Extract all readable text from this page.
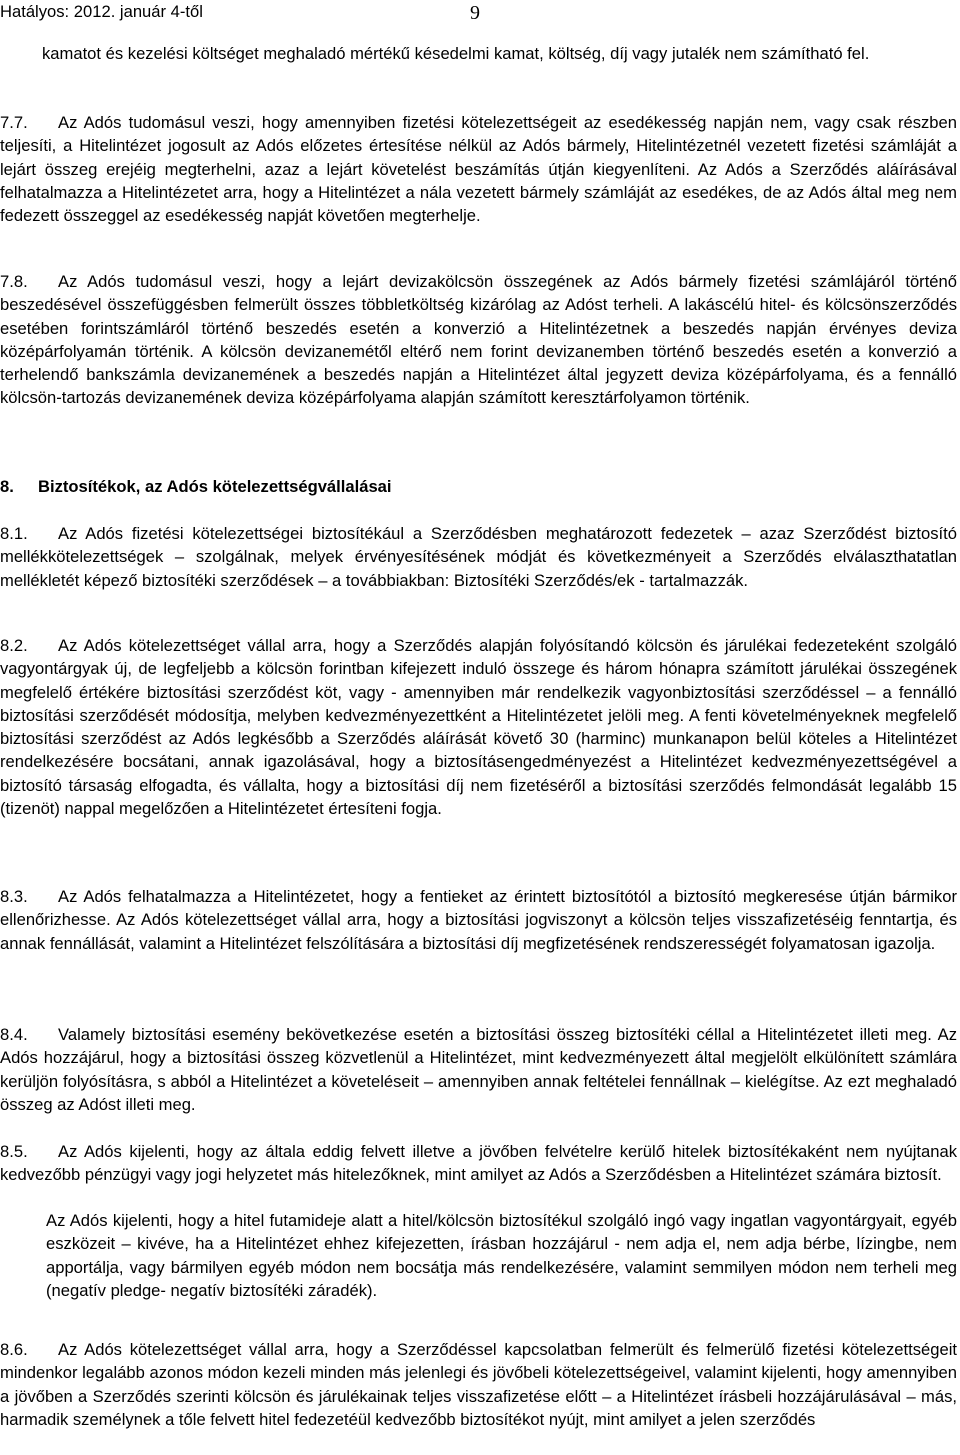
Hatályos: 2012. január 4-től	9
kamatot és kezelési költséget meghaladó mértékű késedelmi kamat, költség, díj vagy jutalék nem számítható fel.
7.7.	Az Adós tudomásul veszi, hogy amennyiben fizetési kötelezettségeit az esedékesség napján nem, vagy csak részben teljesíti, a Hitelintézet jogosult az Adós előzetes értesítése nélkül az Adós bármely, Hitelintézetnél vezetett fizetési számláját a lejárt összeg erejéig megterhelni, azaz a lejárt követelést beszámítás útján kiegyenlíteni. Az Adós a Szerződés aláírásával felhatalmazza a Hitelintézetet arra, hogy a Hitelintézet a nála vezetett bármely számláját az esedékes, de az Adós által meg nem fedezett összeggel az esedékesség napját követően megterhelje.
7.8.	Az Adós tudomásul veszi, hogy a lejárt devizakölcsön összegének az Adós bármely fizetési számlájáról történő beszedésével összefüggésben felmerült összes többletköltség kizárólag az Adóst terheli. A lakáscélú hitel- és kölcsönszerződés esetében forintszámláról történő beszedés esetén a konverzió a Hitelintézetnek a beszedés napján érvényes deviza középárfolyamán történik. A kölcsön devizanemétől eltérő nem forint devizanemben történő beszedés esetén a konverzió a terhelendő bankszámla devizanemének a beszedés napján a Hitelintézet által jegyzett deviza középárfolyama, és a fennálló kölcsön-tartozás devizanemének deviza középárfolyama alapján számított keresztárfolyamon történik.
8.	Biztosítékok, az Adós kötelezettségvállalásai
8.1.	Az Adós fizetési kötelezettségei biztosítékául a Szerződésben meghatározott fedezetek – azaz Szerződést biztosító mellékkötelezettségek – szolgálnak, melyek érvényesítésének módját és következményeit a Szerződés elválaszthatatlan mellékletét képező biztosítéki szerződések – a továbbiakban: Biztosítéki Szerződés/ek - tartalmazzák.
8.2.	Az Adós kötelezettséget vállal arra, hogy a Szerződés alapján folyósítandó kölcsön és járulékai fedezeteként szolgáló vagyontárgyak új, de legfeljebb a kölcsön forintban kifejezett induló összege és három hónapra számított járulékai összegének megfelelő értékére biztosítási szerződést köt, vagy - amennyiben már rendelkezik vagyonbiztosítási szerződéssel – a fennálló biztosítási szerződését módosítja, melyben kedvezményezettként a Hitelintézetet jelöli meg. A fenti követelményeknek megfelelő biztosítási szerződést az Adós legkésőbb a Szerződés aláírását követő 30 (harminc) munkanapon belül köteles a Hitelintézet rendelkezésére bocsátani, annak igazolásával, hogy a biztosításengedményezést a Hitelintézet kedvezményezettségével a biztosító társaság elfogadta, és vállalta, hogy a biztosítási díj nem fizetéséről a biztosítási szerződés felmondását legalább 15 (tizenöt) nappal megelőzően a Hitelintézetet értesíteni fogja.
8.3.	Az Adós felhatalmazza a Hitelintézetet, hogy a fentieket az érintett biztosítótól a biztosító megkeresése útján bármikor ellenőrizhesse. Az Adós kötelezettséget vállal arra, hogy a biztosítási jogviszonyt a kölcsön teljes visszafizetéséig fenntartja, és annak fennállását, valamint a Hitelintézet felszólítására a biztosítási díj megfizetésének rendszerességét folyamatosan igazolja.
8.4.	Valamely biztosítási esemény bekövetkezése esetén a biztosítási összeg biztosítéki céllal a Hitelintézetet illeti meg. Az Adós hozzájárul, hogy a biztosítási összeg közvetlenül a Hitelintézet, mint kedvezményezett által megjelölt elkülönített számlára kerüljön folyósításra, s abból a Hitelintézet a követeléseit – amennyiben annak feltételei fennállnak – kielégítse. Az ezt meghaladó összeg az Adóst illeti meg.
8.5.	Az Adós kijelenti, hogy az általa eddig felvett illetve a jövőben felvételre kerülő hitelek biztosítékaként nem nyújtanak kedvezőbb pénzügyi vagy jogi helyzetet más hitelezőknek, mint amilyet az Adós a Szerződésben a Hitelintézet számára biztosít.
Az Adós kijelenti, hogy a hitel futamideje alatt a hitel/kölcsön biztosítékul szolgáló ingó vagy ingatlan vagyontárgyait, egyéb eszközeit – kivéve, ha a Hitelintézet ehhez kifejezetten, írásban hozzájárul - nem adja el, nem adja bérbe, lízingbe, nem apportálja, vagy bármilyen egyéb módon nem bocsátja más rendelkezésére, valamint semmilyen módon nem terheli meg (negatív pledge- negatív biztosítéki záradék).
8.6.	Az Adós kötelezettséget vállal arra, hogy a Szerződéssel kapcsolatban felmerült és felmerülő fizetési kötelezettségeit mindenkor legalább azonos módon kezeli minden más jelenlegi és jövőbeli kötelezettségeivel, valamint kijelenti, hogy amennyiben a jövőben a Szerződés szerinti kölcsön és járulékainak teljes visszafizetése előtt – a Hitelintézet írásbeli hozzájárulásával – más, harmadik személynek a tőle felvett hitel fedezetéül kedvezőbb biztosítékot nyújt, mint amilyet a jelen szerződés
